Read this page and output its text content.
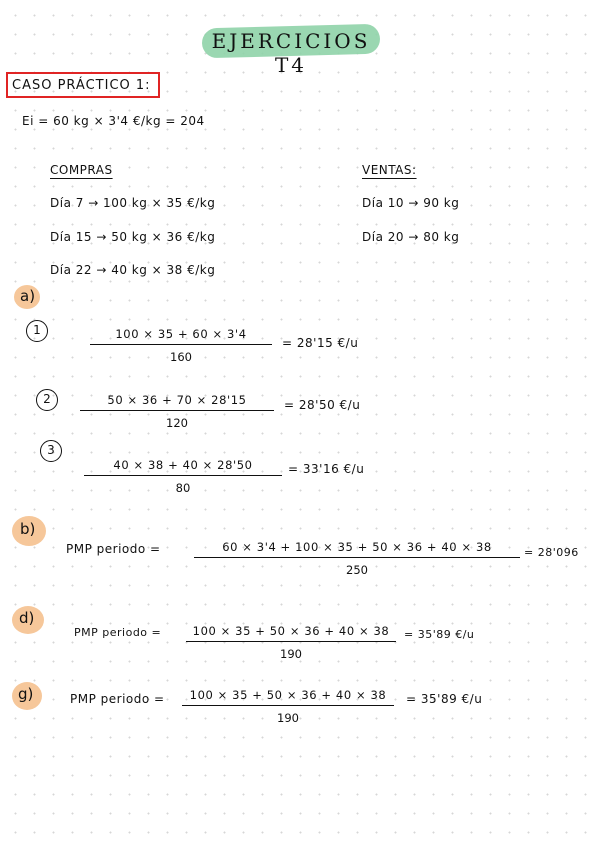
EJERCICIOS T4
CASO PRÁCTICO 1:
Ei = 60 kg × 3'4 €/kg = 204
COMPRAS
Día 7 → 100 kg × 35 €/kg
Día 15 → 50 kg × 36 €/kg
Día 22 → 40 kg × 38 €/kg
VENTAS:
Día 10 → 90 kg
Día 20 → 80 kg
a)
1	$\frac{100 \times 35 + 60 \times 3'4}{160} = 28'15$ €/u
2	$\frac{50 \times 36 + 70 \times 28'15}{120} = 28'50$ €/u
3
$\frac{40 \times 38 + 40 \times 28'50}{80} = 33'16$ €/u
b)
PMP periodo =	$\frac{60 \times 3'4 + 100 \times 35 + 50 \times 36 + 40 \times 38}{250} = 28'096$
d)
PMP periodo = $\frac{100 \times 35 + 50 \times 36 + 40 \times 38}{190} = 35'89$ €/u
g)	PMP periodo = $\frac{100 \times 35 + 50 \times 36 + 40 \times 38}{190} = 35'89$ €/u
